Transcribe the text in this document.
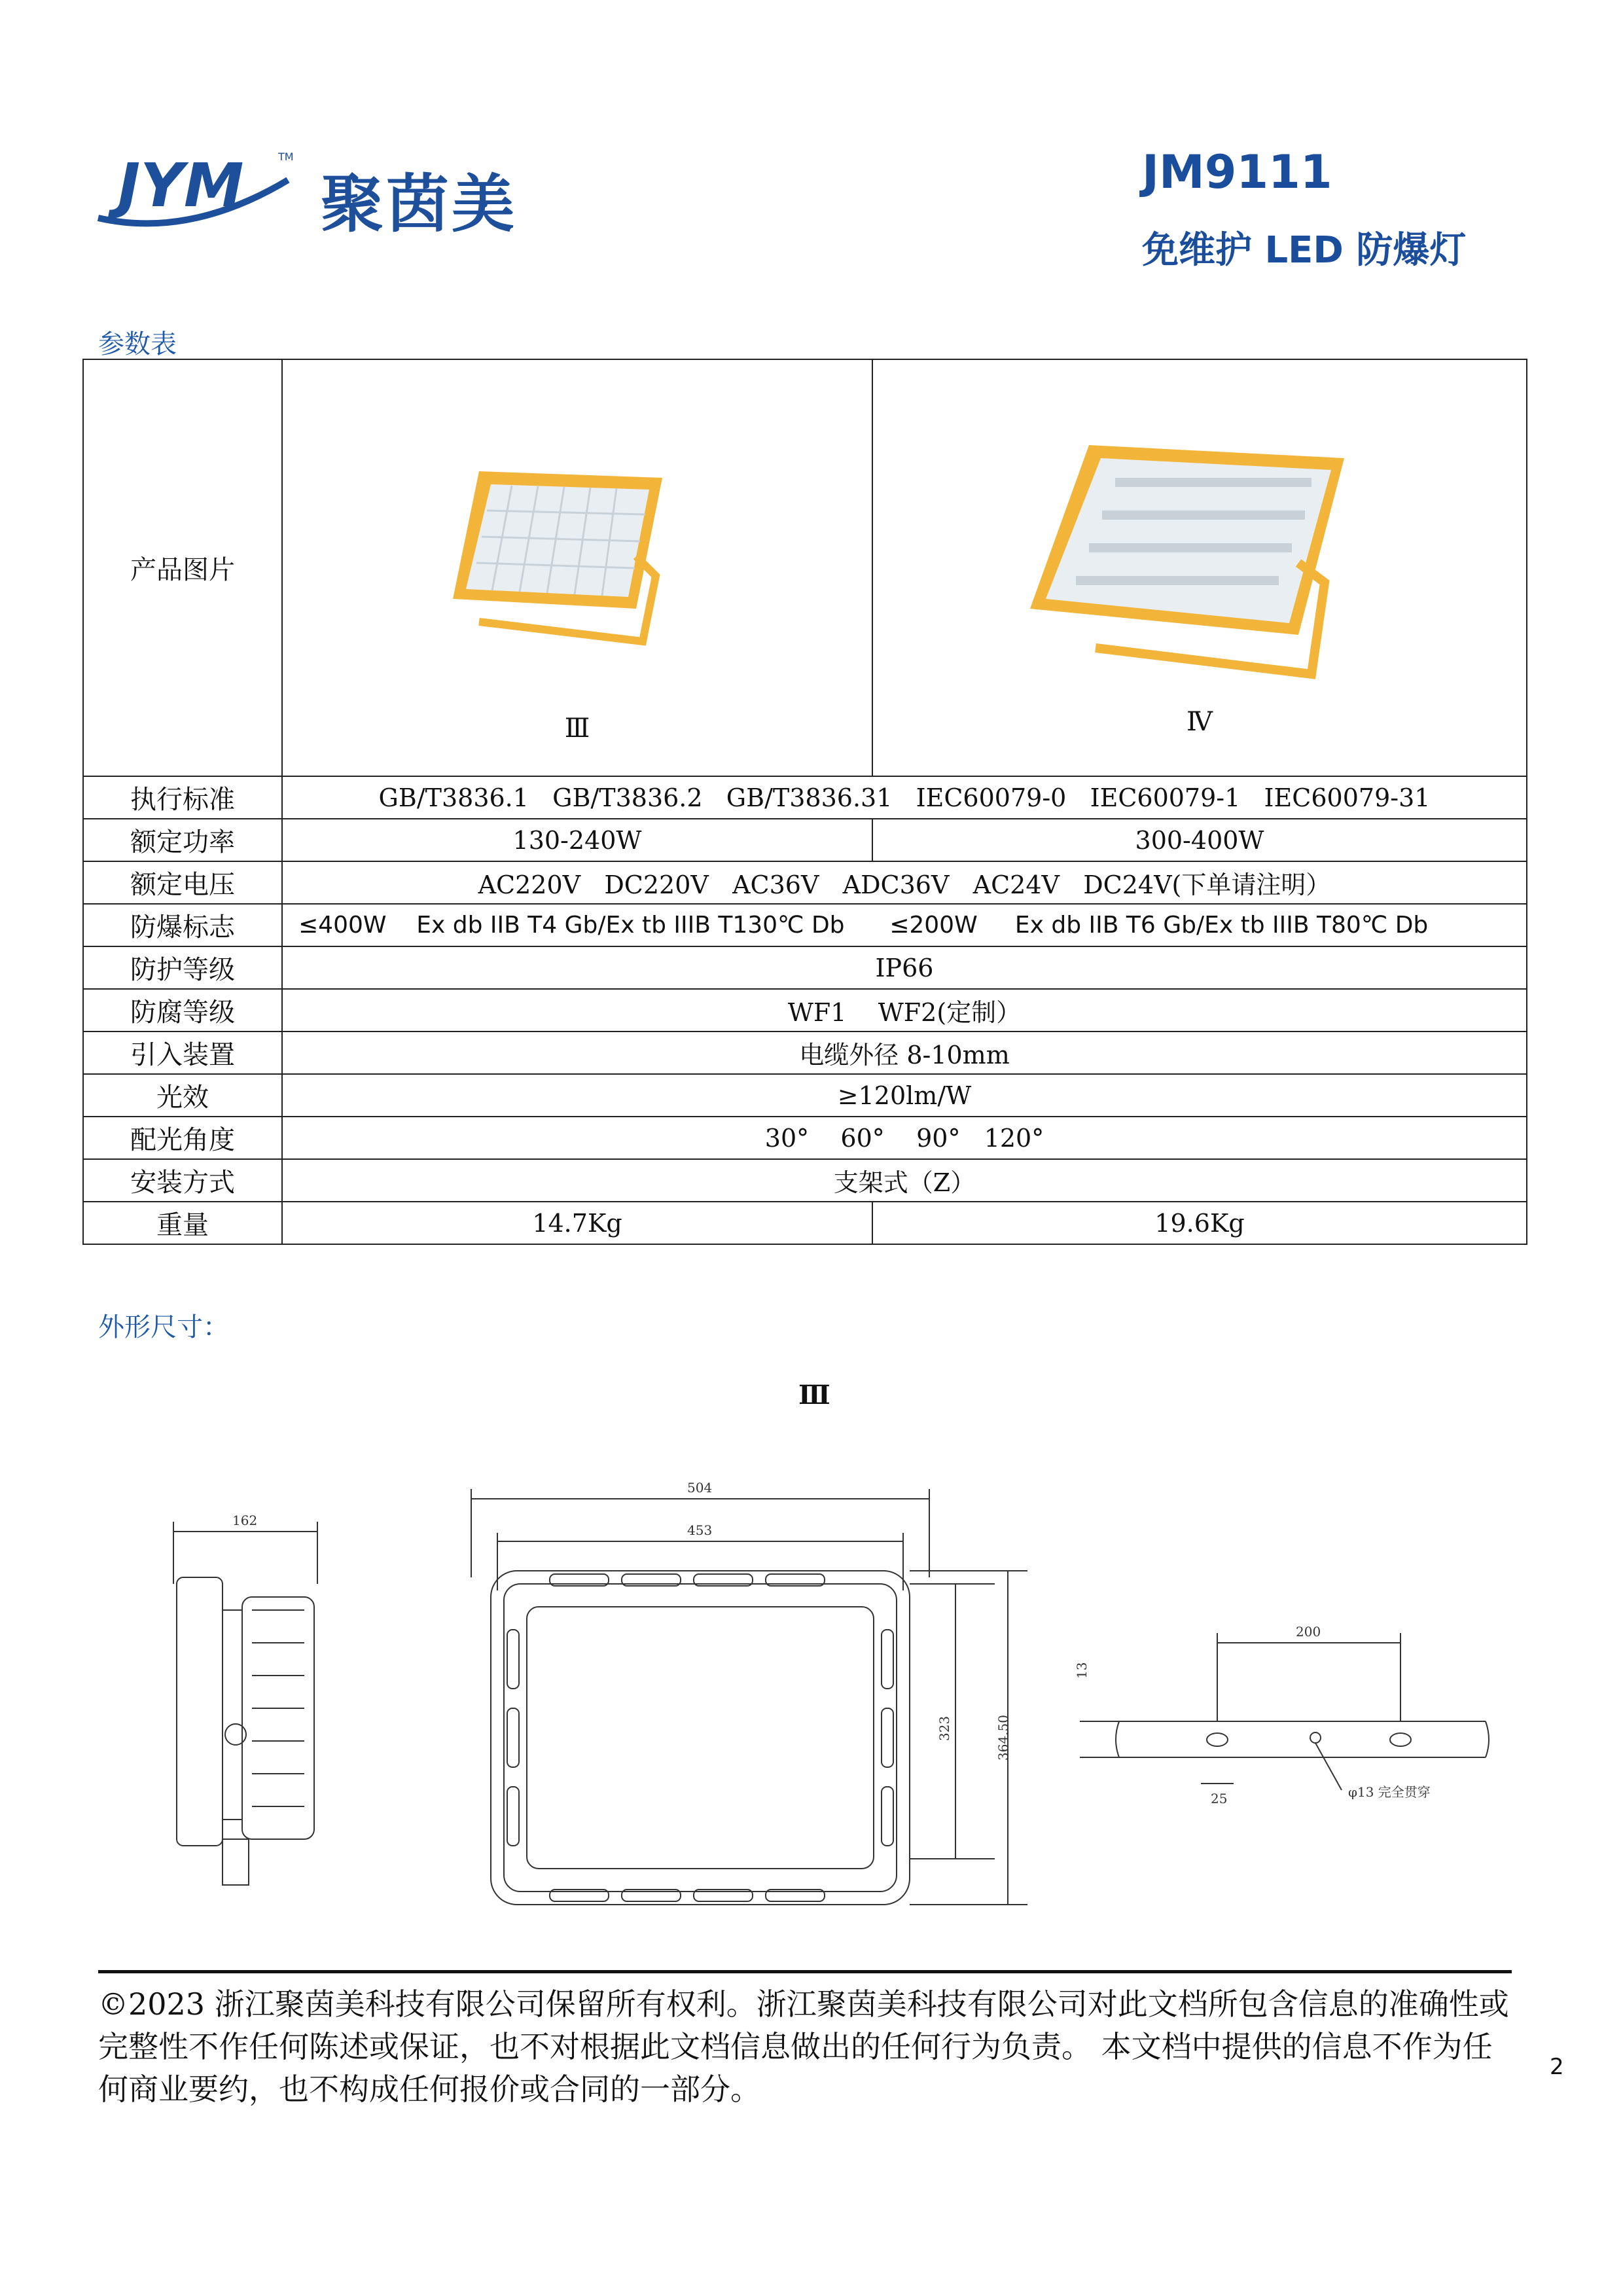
JYM	TM
聚茵美	JM9111
免维护 LED 防爆灯
参数表
产品图片	Ⅲ	Ⅳ

执行标准	GB/T3836.1   GB/T3836.2   GB/T3836.31   IEC60079-0   IEC60079-1   IEC60079-31	
额定功率	130-240W	300-400W
额定电压	AC220V   DC220V   AC36V   ADC36V   AC24V   DC24V(下单请注明）	
防爆标志	≤400W    Ex db IIB T4 Gb/Ex tb IIIB T130℃ Db ≤200W     Ex db IIB T6 Gb/Ex tb IIIB T80℃ Db	
防护等级	IP66	
防腐等级	WF1    WF2(定制）	
引入装置	电缆外径 8-10mm	
光效	≥120lm/W	
配光角度	30°    60°    90°   120°	
安装方式	支架式（Z）	
重量	14.7Kg	19.6Kg
外形尺寸：
Ⅲ
162
504
453
323	364.50
200
13
25	φ13 完全贯穿
©2023 浙江聚茵美科技有限公司保留所有权利。浙江聚茵美科技有限公司对此文档所包含信息的准确性或完整性不作任何陈述或保证，也不对根据此文档信息做出的任何行为负责。 本文档中提供的信息不作为任何商业要约，也不构成任何报价或合同的一部分。
2
